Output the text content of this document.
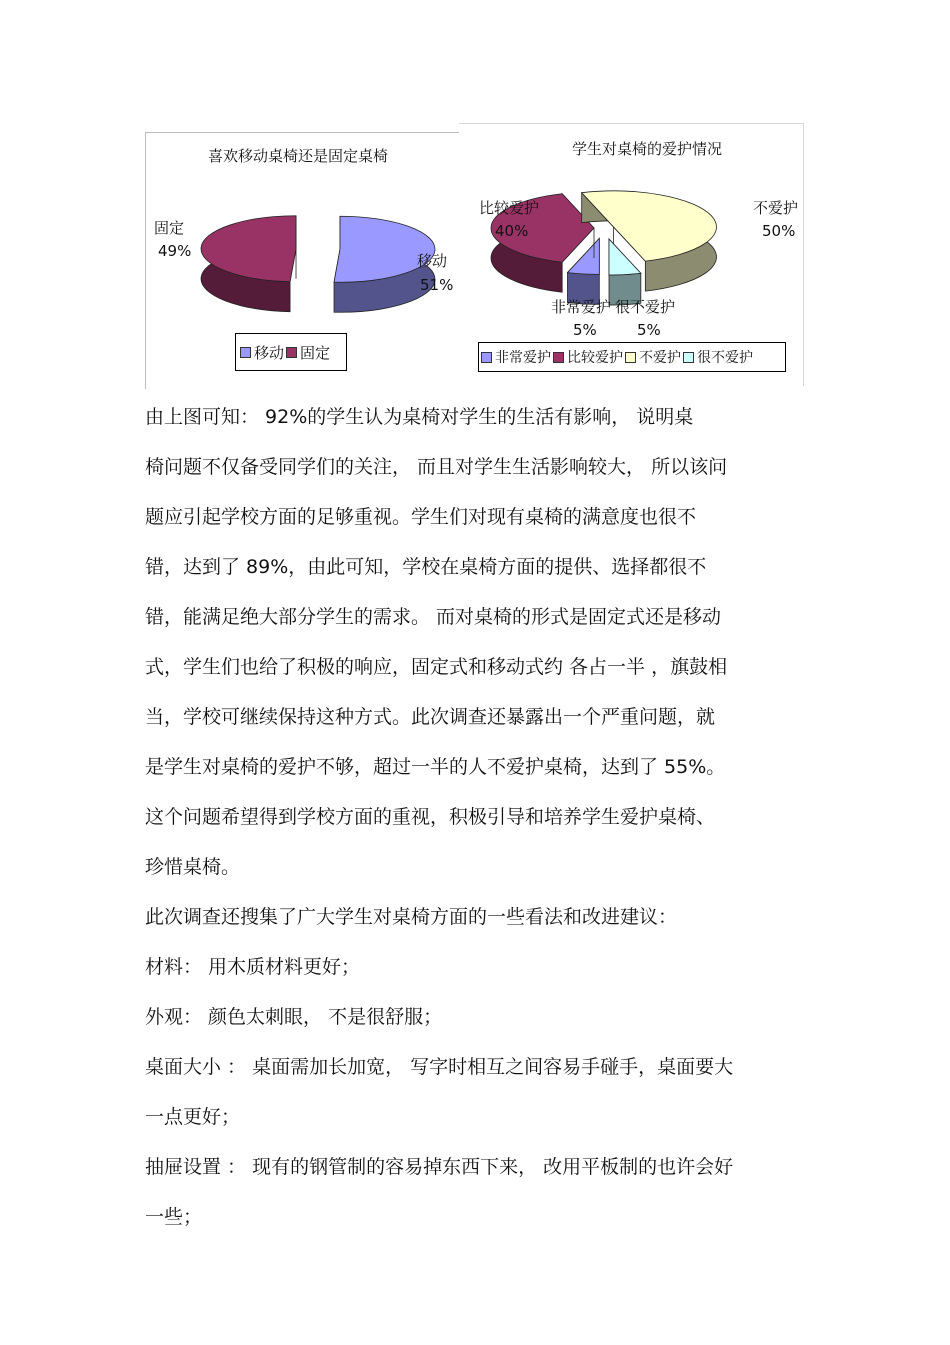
喜欢移动桌椅还是固定桌椅
固定
49%
移动
51%
移动 固定
学生对桌椅的爱护情况
比较爱护
40%
不爱护
50%
非常爱护
5%
很不爱护
5%
非常爱护 比较爱护 不爱护 很不爱护
由上图可知： 92%的学生认为桌椅对学生的生活有影响， 说明桌
椅问题不仅备受同学们的关注， 而且对学生生活影响较大， 所以该问
题应引起学校方面的足够重视。学生们对现有桌椅的满意度也很不
错，达到了 89%，由此可知，学校在桌椅方面的提供、选择都很不
错，能满足绝大部分学生的需求。 而对桌椅的形式是固定式还是移动
式，学生们也给了积极的响应，固定式和移动式约 各占一半 ，旗鼓相
当，学校可继续保持这种方式。此次调查还暴露出一个严重问题，就
是学生对桌椅的爱护不够，超过一半的人不爱护桌椅，达到了 55%。
这个问题希望得到学校方面的重视，积极引导和培养学生爱护桌椅、
珍惜桌椅。
此次调查还搜集了广大学生对桌椅方面的一些看法和改进建议：
材料： 用木质材料更好；
外观： 颜色太刺眼， 不是很舒服；
桌面大小 ： 桌面需加长加宽， 写字时相互之间容易手碰手，桌面要大
一点更好；
抽屉设置 ： 现有的钢管制的容易掉东西下来， 改用平板制的也许会好
一些；
